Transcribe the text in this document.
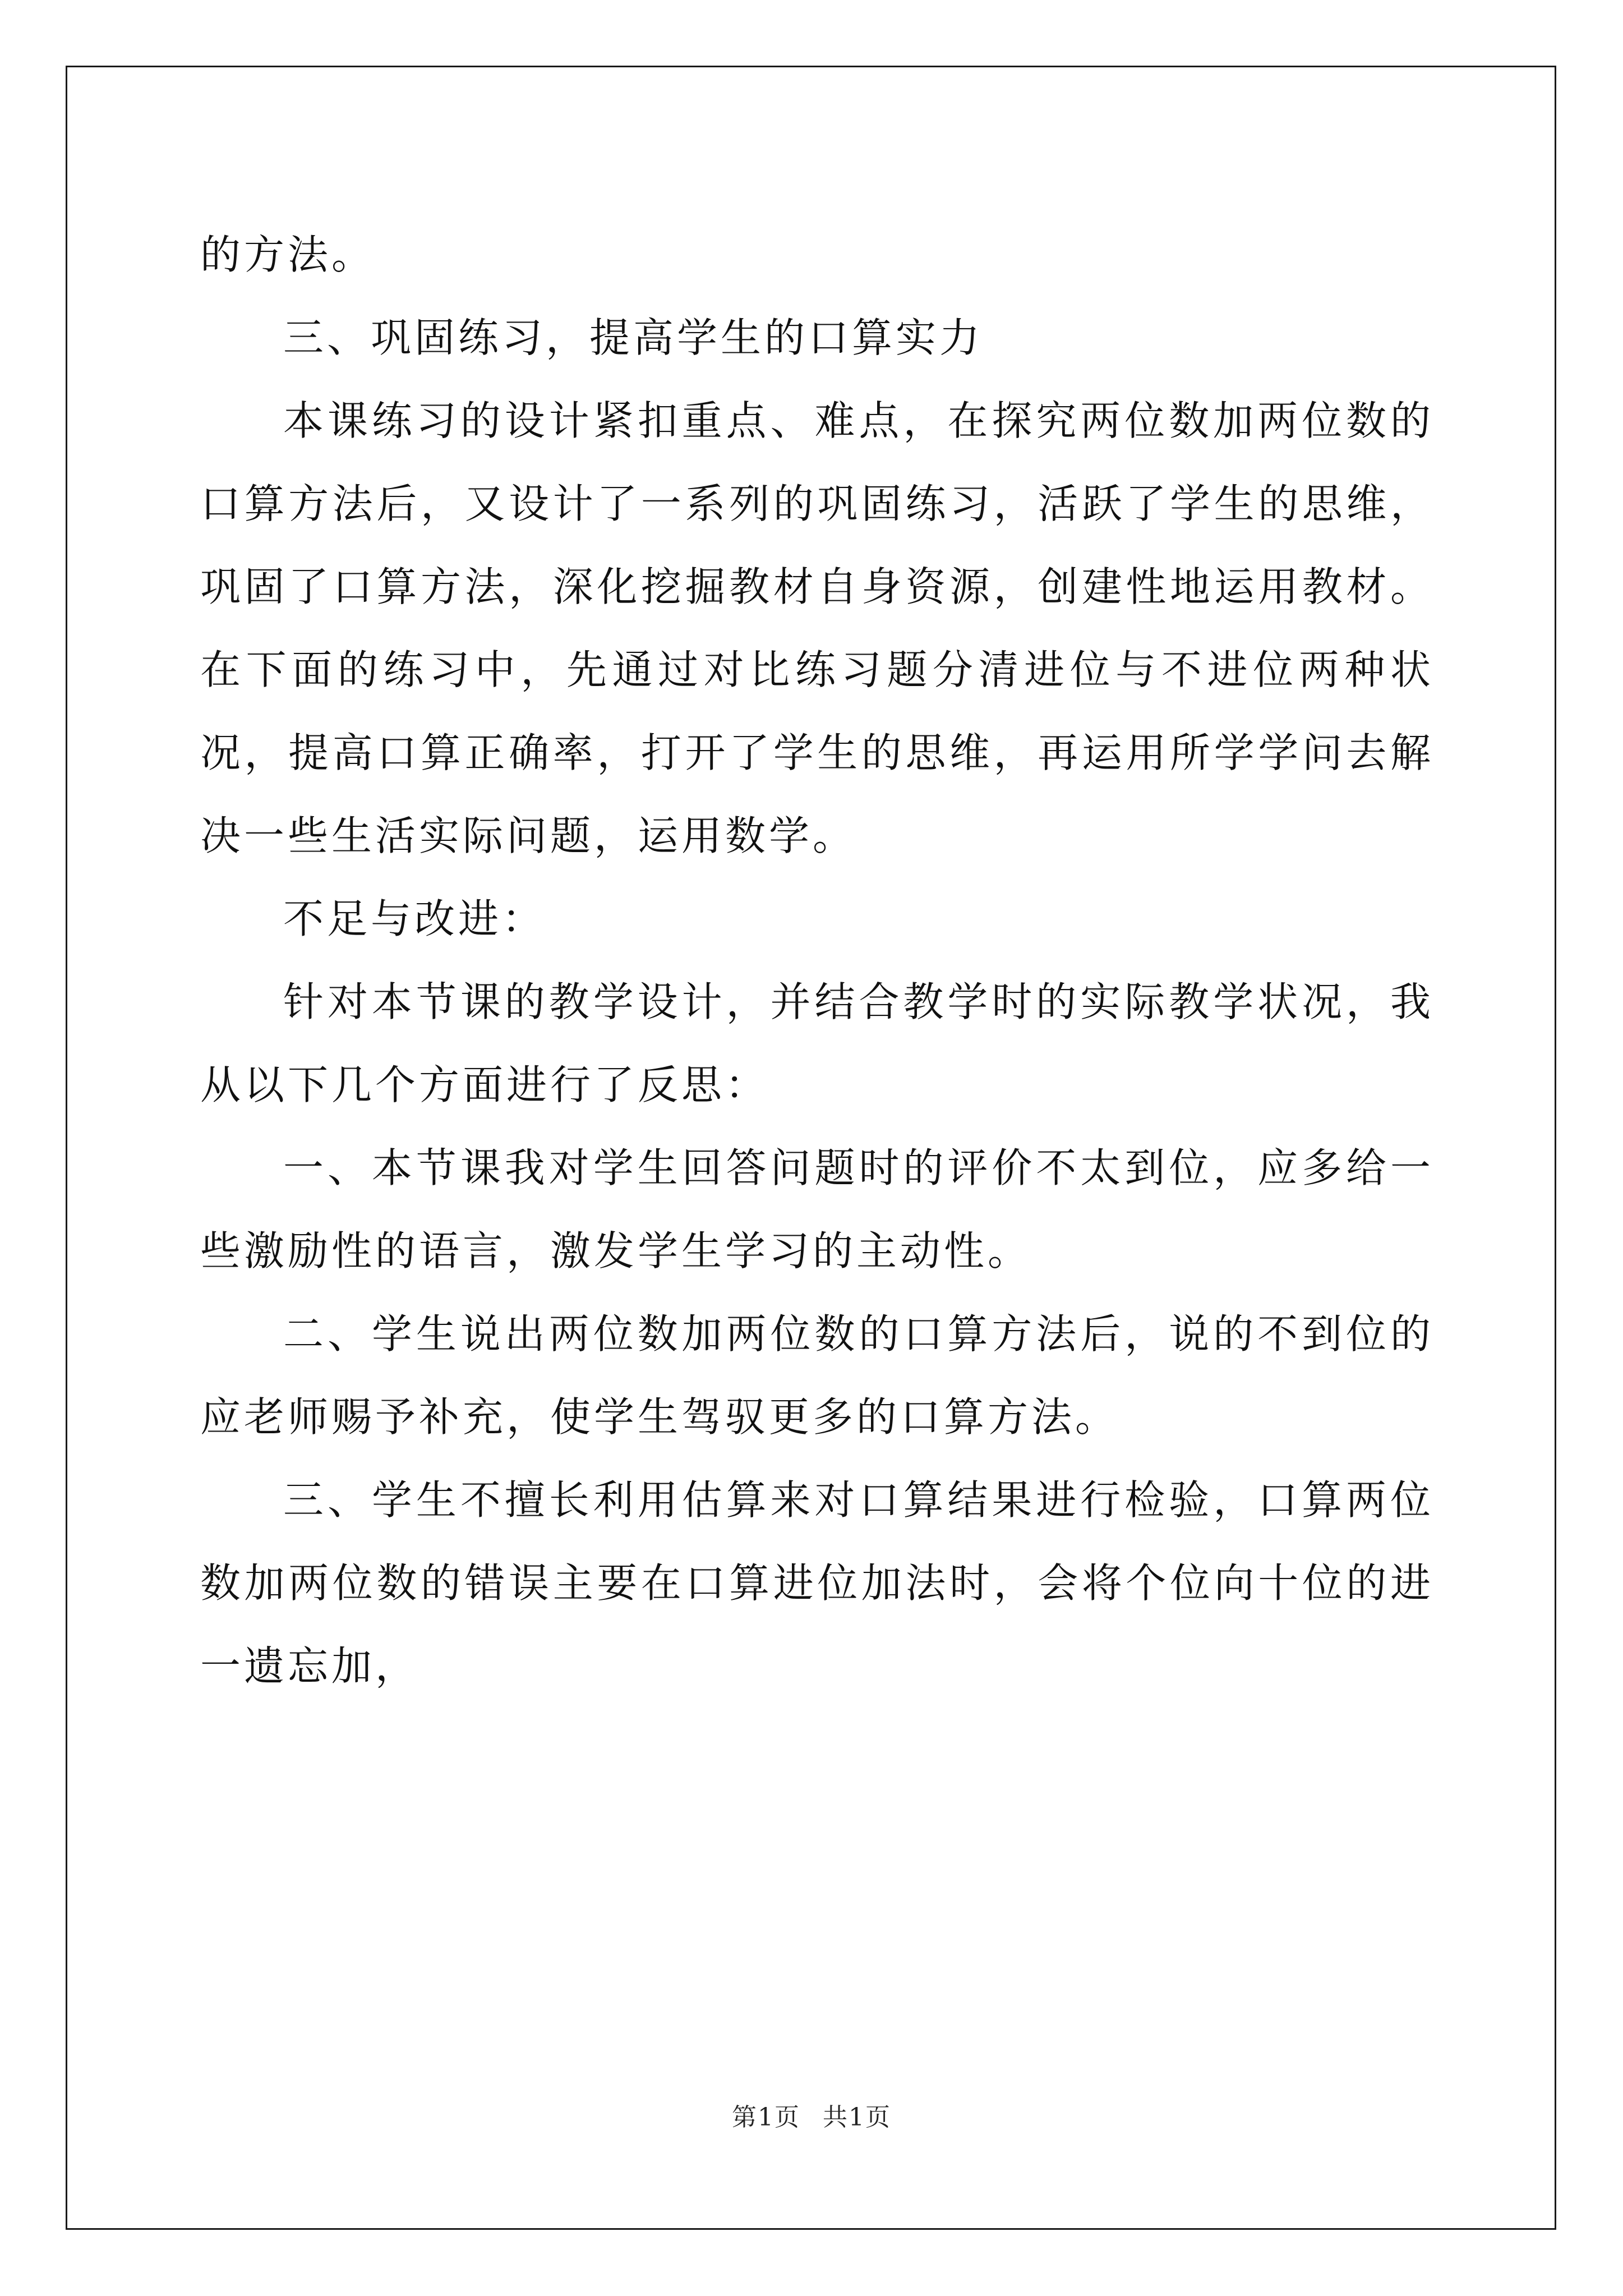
的方法。

三、巩固练习，提高学生的口算实力

本课练习的设计紧扣重点、难点，在探究两位数加两位数的口算方法后，又设计了一系列的巩固练习，活跃了学生的思维，巩固了口算方法，深化挖掘教材自身资源，创建性地运用教材。在下面的练习中，先通过对比练习题分清进位与不进位两种状况，提高口算正确率，打开了学生的思维，再运用所学学问去解决一些生活实际问题，运用数学。

不足与改进：

针对本节课的教学设计，并结合教学时的实际教学状况，我从以下几个方面进行了反思：

一、本节课我对学生回答问题时的评价不太到位，应多给一些激励性的语言，激发学生学习的主动性。

二、学生说出两位数加两位数的口算方法后，说的不到位的应老师赐予补充，使学生驾驭更多的口算方法。

三、学生不擅长利用估算来对口算结果进行检验，口算两位数加两位数的错误主要在口算进位加法时，会将个位向十位的进一遗忘加，

第1页 共1页
